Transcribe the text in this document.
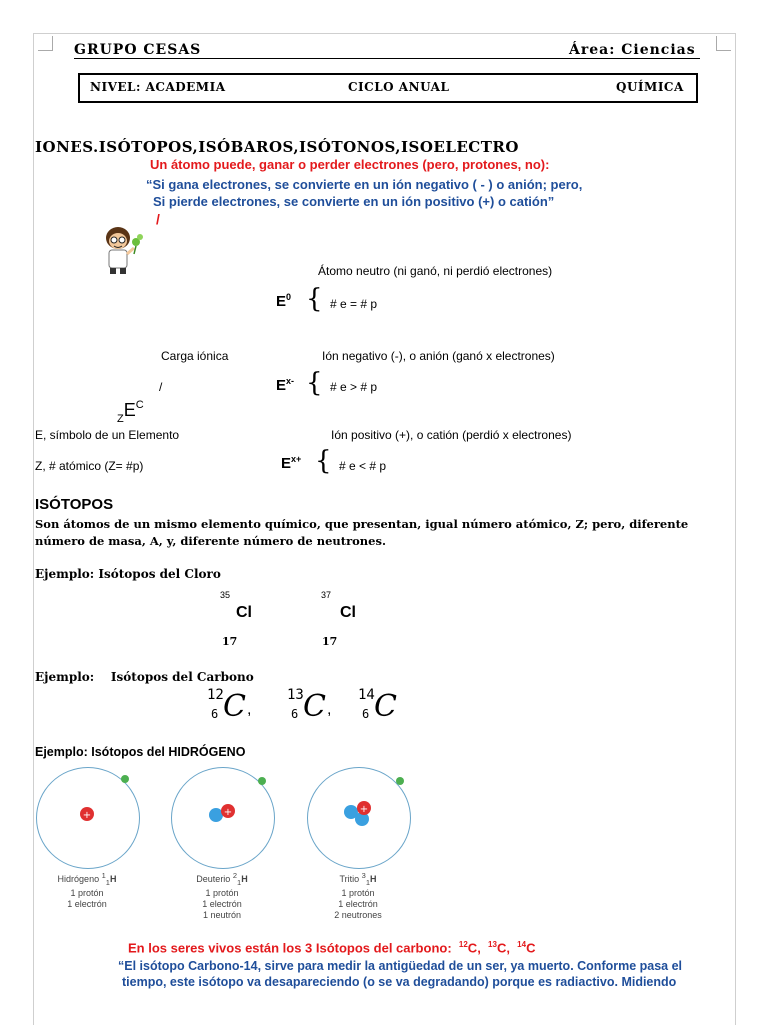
GRUPO CESAS	Área: Ciencias
NIVEL: ACADEMIA	CICLO ANUAL	QUÍMICA
IONES.ISÓTOPOS,ISÓBAROS,ISÓTONOS,ISOELECTRO
Un átomo puede, ganar o perder electrones (pero, protones, no):
“Si gana electrones, se convierte en un ión negativo ( - ) o anión; pero,
Si pierde electrones, se convierte en un ión positivo (+) o catión”
/
Átomo neutro (ni ganó, ni perdió electrones)
$E^0$ { # e = # p
Carga iónica	Ión negativo (-), o anión (ganó x electrones)
/	$E^{x-}$ { # e > # p
$_ZE^C$
E, símbolo de un Elemento	Ión positivo (+), o catión (perdió x electrones)
Z, # atómico (Z= #p)	$E^{x+}$ { # e < # p
ISÓTOPOS
Son átomos de un mismo elemento químico, que presentan, igual número atómico, Z; pero, diferente número de masa, A, y, diferente número de neutrones.
Ejemplo: Isótopos del Cloro
35
Cl
17
37
Cl
17
Ejemplo:    Isótopos del Carbono
12
6 C ,
13
6 C ,
14
6 C
Ejemplo: Isótopos del HIDRÓGENO
+	+	+
Hidrógeno $^1_1$H
1 protón
1 electrón
Deuterio $^2_1$H
1 protón
1 electrón
1 neutrón
Tritio $^3_1$H
1 protón
1 electrón
2 neutrones
En los seres vivos están los 3 Isótopos del carbono: $^{12}$C,  $^{13}$C,  $^{14}$C
“El isótopo Carbono-14, sirve para medir la antigüedad de un ser, ya muerto. Conforme pasa el
tiempo, este isótopo va desapareciendo (o se va degradando) porque es radiactivo. Midiendo
